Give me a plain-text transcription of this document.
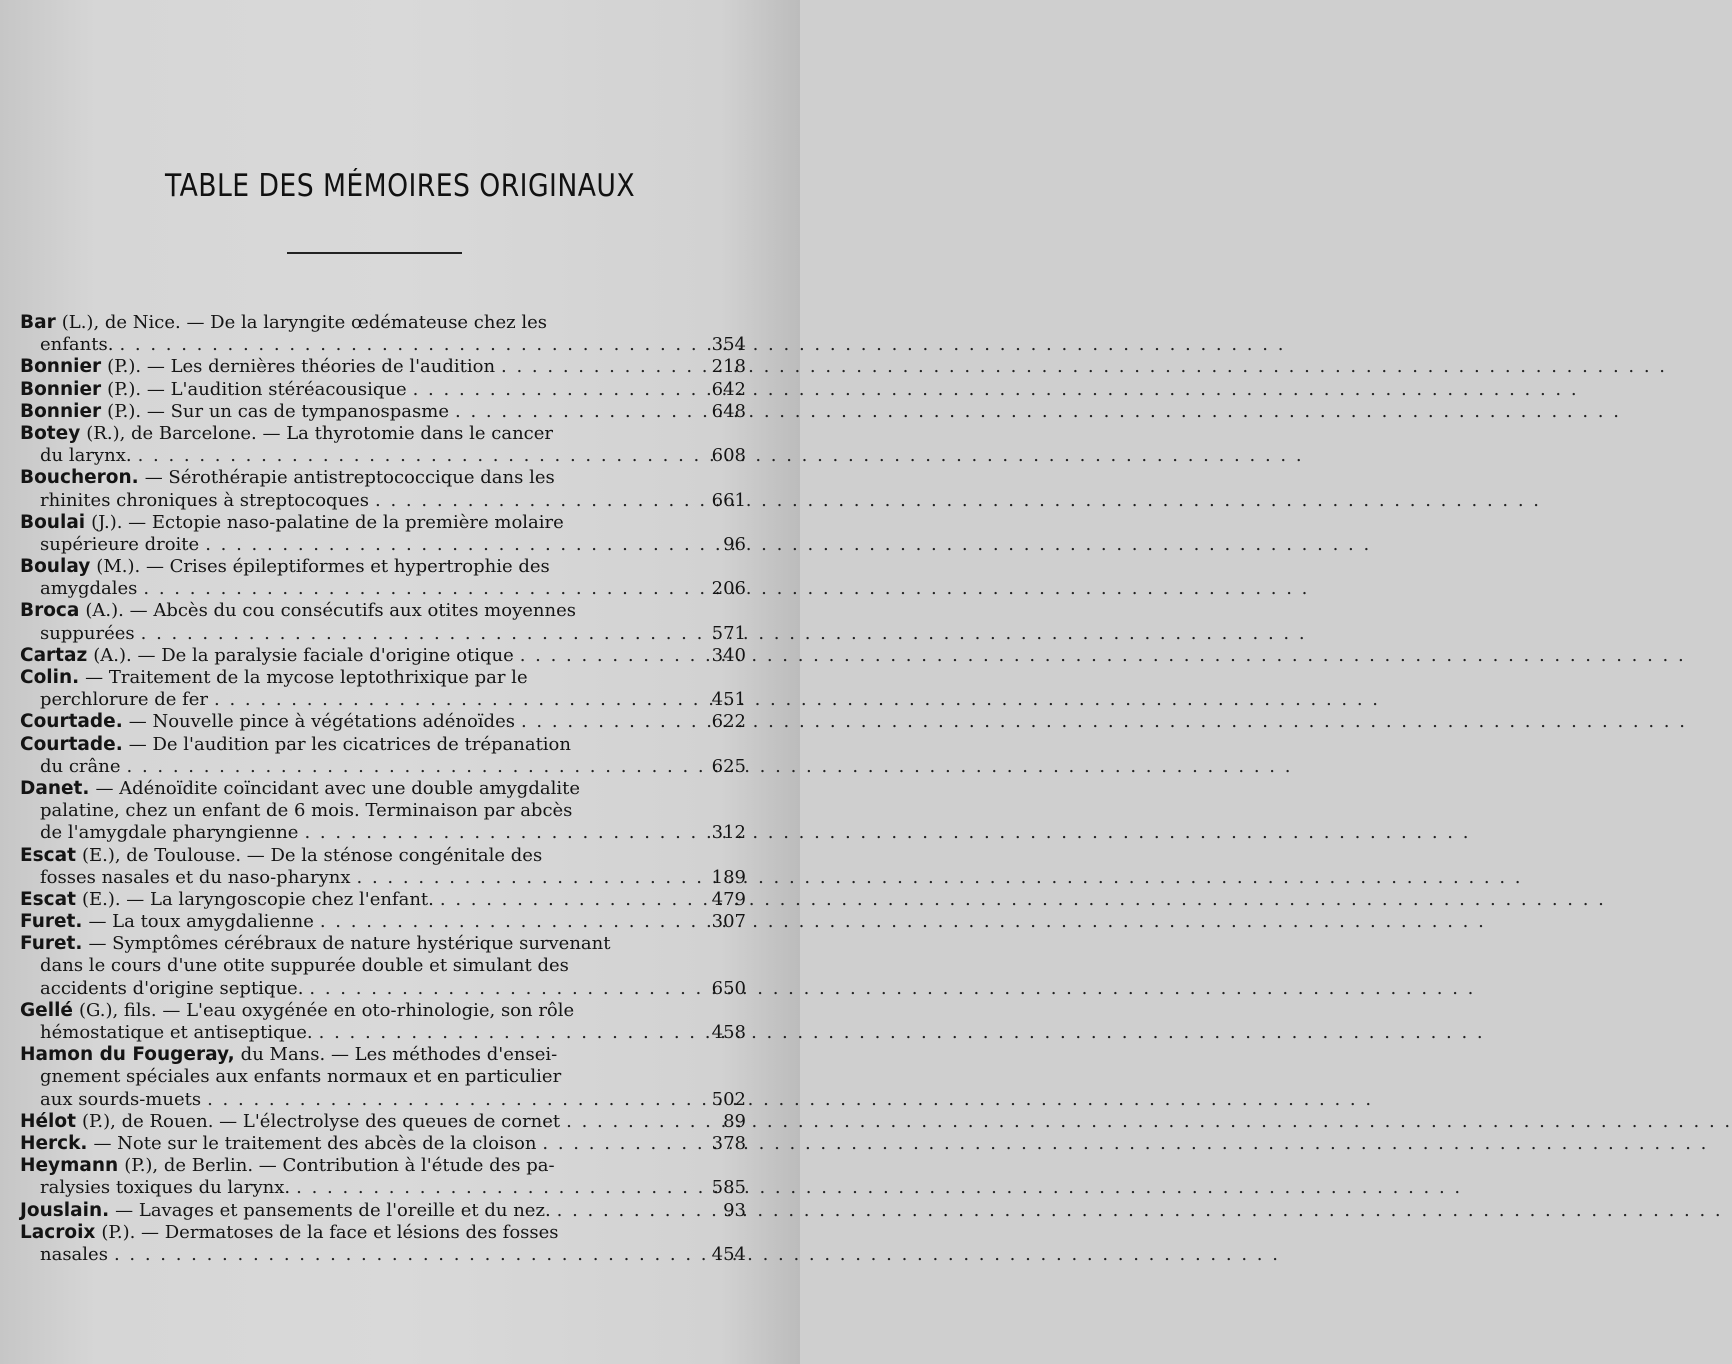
TABLE DES MÉMOIRES ORIGINAUX
Bar (L.), de Nice. — De la laryngite œdémateuse chez les
enfants. . . .	354
Bonnier (P.). — Les dernières théories de l'audition . . .	218
Bonnier (P.). — L'audition stéréacousique . . .	642
Bonnier (P.). — Sur un cas de tympanospasme . . .	648
Botey (R.), de Barcelone. — La thyrotomie dans le cancer
du larynx. . . .	608
Boucheron. — Sérothérapie antistreptococcique dans les
rhinites chroniques à streptocoques . . .	661
Boulai (J.). — Ectopie naso-palatine de la première molaire
supérieure droite . . .	96
Boulay (M.). — Crises épileptiformes et hypertrophie des
amygdales . . .	206
Broca (A.). — Abcès du cou consécutifs aux otites moyennes
suppurées . . .	571
Cartaz (A.). — De la paralysie faciale d'origine otique . . .	340
Colin. — Traitement de la mycose leptothrixique par le
perchlorure de fer . . .	451
Courtade. — Nouvelle pince à végétations adénoïdes . . .	622
Courtade. — De l'audition par les cicatrices de trépanation
du crâne . . .	625
Danet. — Adénoïdite coïncidant avec une double amygdalite
palatine, chez un enfant de 6 mois. Terminaison par abcès
de l'amygdale pharyngienne . . .	312
Escat (E.), de Toulouse. — De la sténose congénitale des
fosses nasales et du naso-pharynx . . .	189
Escat (E.). — La laryngoscopie chez l'enfant. . . .	479
Furet. — La toux amygdalienne . . .	307
Furet. — Symptômes cérébraux de nature hystérique survenant
dans le cours d'une otite suppurée double et simulant des
accidents d'origine septique. . . .	650
Gellé (G.), fils. — L'eau oxygénée en oto-rhinologie, son rôle
hémostatique et antiseptique. . . .	458
Hamon du Fougeray, du Mans. — Les méthodes d'ensei-
gnement spéciales aux enfants normaux et en particulier
aux sourds-muets . . .	502
Hélot (P.), de Rouen. — L'électrolyse des queues de cornet . . .	89
Herck. — Note sur le traitement des abcès de la cloison . . .	378
Heymann (P.), de Berlin. — Contribution à l'étude des pa-
ralysies toxiques du larynx. . . .	585
Jouslain. — Lavages et pansements de l'oreille et du nez. . . .	93
Lacroix (P.). — Dermatoses de la face et lésions des fosses
nasales . . .	454
